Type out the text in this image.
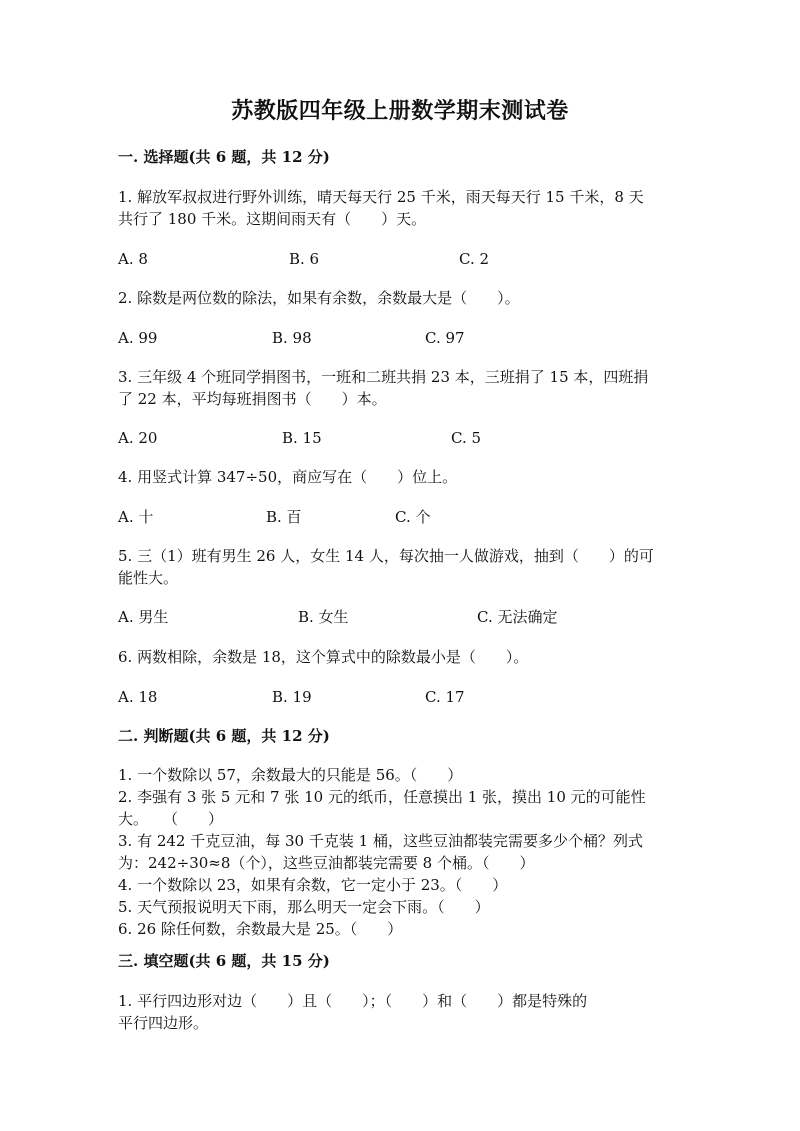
苏教版四年级上册数学期末测试卷
一. 选择题(共 6 题，共 12 分)
1. 解放军叔叔进行野外训练，晴天每天行 25 千米，雨天每天行 15 千米，8 天
共行了 180 千米。这期间雨天有（　　）天。
A. 8	B. 6	C. 2
2. 除数是两位数的除法，如果有余数，余数最大是（　　）。
A. 99	B. 98	C. 97
3. 三年级 4 个班同学捐图书，一班和二班共捐 23 本，三班捐了 15 本，四班捐
了 22 本，平均每班捐图书（　　）本。
A. 20	B. 15	C. 5
4. 用竖式计算 347÷50，商应写在（　　）位上。
A. 十	B. 百	C. 个
5. 三（1）班有男生 26 人，女生 14 人，每次抽一人做游戏，抽到（　　）的可
能性大。
A. 男生	B. 女生	C. 无法确定
6. 两数相除，余数是 18，这个算式中的除数最小是（　　）。
A. 18	B. 19	C. 17
二. 判断题(共 6 题，共 12 分)
1. 一个数除以 57，余数最大的只能是 56。（　　）
2. 李强有 3 张 5 元和 7 张 10 元的纸币，任意摸出 1 张，摸出 10 元的可能性
大。　　（　　）
3. 有 242 千克豆油，每 30 千克装 1 桶，这些豆油都装完需要多少个桶？列式
为：242÷30≈8（个），这些豆油都装完需要 8 个桶。（　　）
4. 一个数除以 23，如果有余数，它一定小于 23。（　　）
5. 天气预报说明天下雨，那么明天一定会下雨。（　　）
6. 26 除任何数，余数最大是 25。（　　）
三. 填空题(共 6 题，共 15 分)
1. 平行四边形对边（　　）且（　　）；（　　）和（　　）都是特殊的
平行四边形。
